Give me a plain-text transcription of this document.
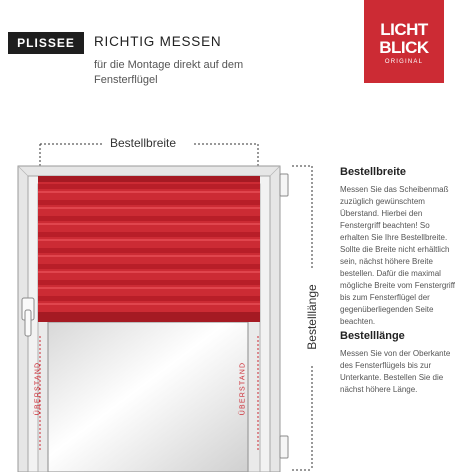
PLISSEE	RICHTIG MESSEN
für die Montage direkt auf dem Fensterflügel
LICHT
BLICK
ORIGINAL
Bestellbreite
Bestelllänge
ÜBERSTAND	ÜBERSTAND
Bestellbreite

Messen Sie das Scheibenmaß zuzüglich gewünschtem Überstand. Hierbei den Fenstergriff beachten! So erhalten Sie Ihre Bestellbreite. Sollte die Breite nicht erhältlich sein, nächst höhere Breite bestellen. Dafür die maximal mögliche Breite vom Fenstergriff bis zum Fensterflügel der gegenüberliegenden Seite beachten.

Bestelllänge

Messen Sie von der Oberkante des Fensterflügels bis zur Unterkante. Bestellen Sie die nächst höhere Länge.
